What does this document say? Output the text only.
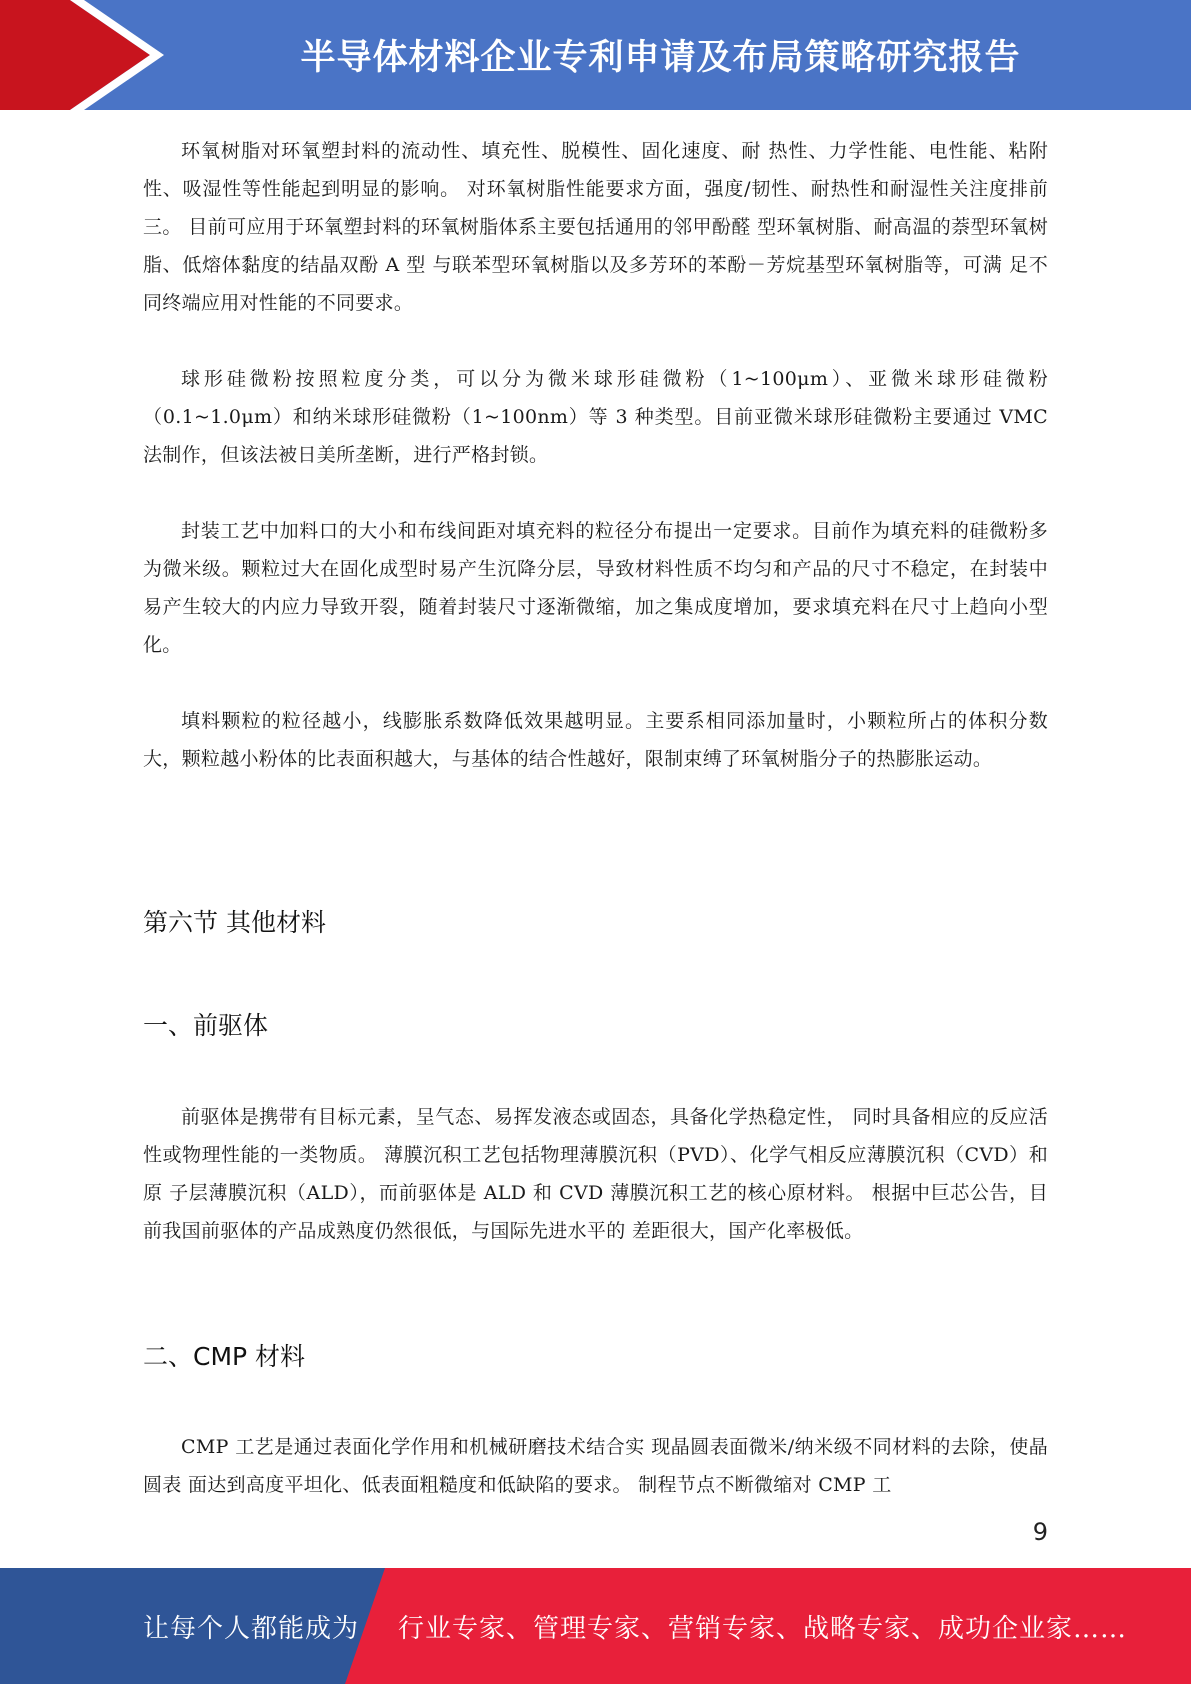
半导体材料企业专利申请及布局策略研究报告

环氧树脂对环氧塑封料的流动性、填充性、脱模性、固化速度、耐 热性、力学性能、电性能、粘附性、吸湿性等性能起到明显的影响。 对环氧树脂性能要求方面，强度/韧性、耐热性和耐湿性关注度排前 三。 目前可应用于环氧塑封料的环氧树脂体系主要包括通用的邻甲酚醛 型环氧树脂、耐高温的萘型环氧树脂、低熔体黏度的结晶双酚 A 型 与联苯型环氧树脂以及多芳环的苯酚－芳烷基型环氧树脂等，可满 足不同终端应用对性能的不同要求。

球形硅微粉按照粒度分类，可以分为微米球形硅微粉（1~100μm）、亚微米球形硅微粉（0.1~1.0μm）和纳米球形硅微粉（1~100nm）等 3 种类型。目前亚微米球形硅微粉主要通过 VMC 法制作，但该法被日美所垄断，进行严格封锁。

封装工艺中加料口的大小和布线间距对填充料的粒径分布提出一定要求。目前作为填充料的硅微粉多为微米级。颗粒过大在固化成型时易产生沉降分层，导致材料性质不均匀和产品的尺寸不稳定，在封装中易产生较大的内应力导致开裂，随着封装尺寸逐渐微缩，加之集成度增加，要求填充料在尺寸上趋向小型化。

填料颗粒的粒径越小，线膨胀系数降低效果越明显。主要系相同添加量时，小颗粒所占的体积分数大，颗粒越小粉体的比表面积越大，与基体的结合性越好，限制束缚了环氧树脂分子的热膨胀运动。

第六节 其他材料
一、前驱体

前驱体是携带有目标元素，呈气态、易挥发液态或固态，具备化学热稳定性， 同时具备相应的反应活性或物理性能的一类物质。 薄膜沉积工艺包括物理薄膜沉积（PVD）、化学气相反应薄膜沉积（CVD）和原 子层薄膜沉积（ALD），而前驱体是 ALD 和 CVD 薄膜沉积工艺的核心原材料。 根据中巨芯公告，目前我国前驱体的产品成熟度仍然很低，与国际先进水平的 差距很大，国产化率极低。

二、CMP 材料

CMP 工艺是通过表面化学作用和机械研磨技术结合实 现晶圆表面微米/纳米级不同材料的去除，使晶圆表 面达到高度平坦化、低表面粗糙度和低缺陷的要求。 制程节点不断微缩对 CMP 工

9
让每个人都能成为 行业专家、管理专家、营销专家、战略专家、成功企业家……
